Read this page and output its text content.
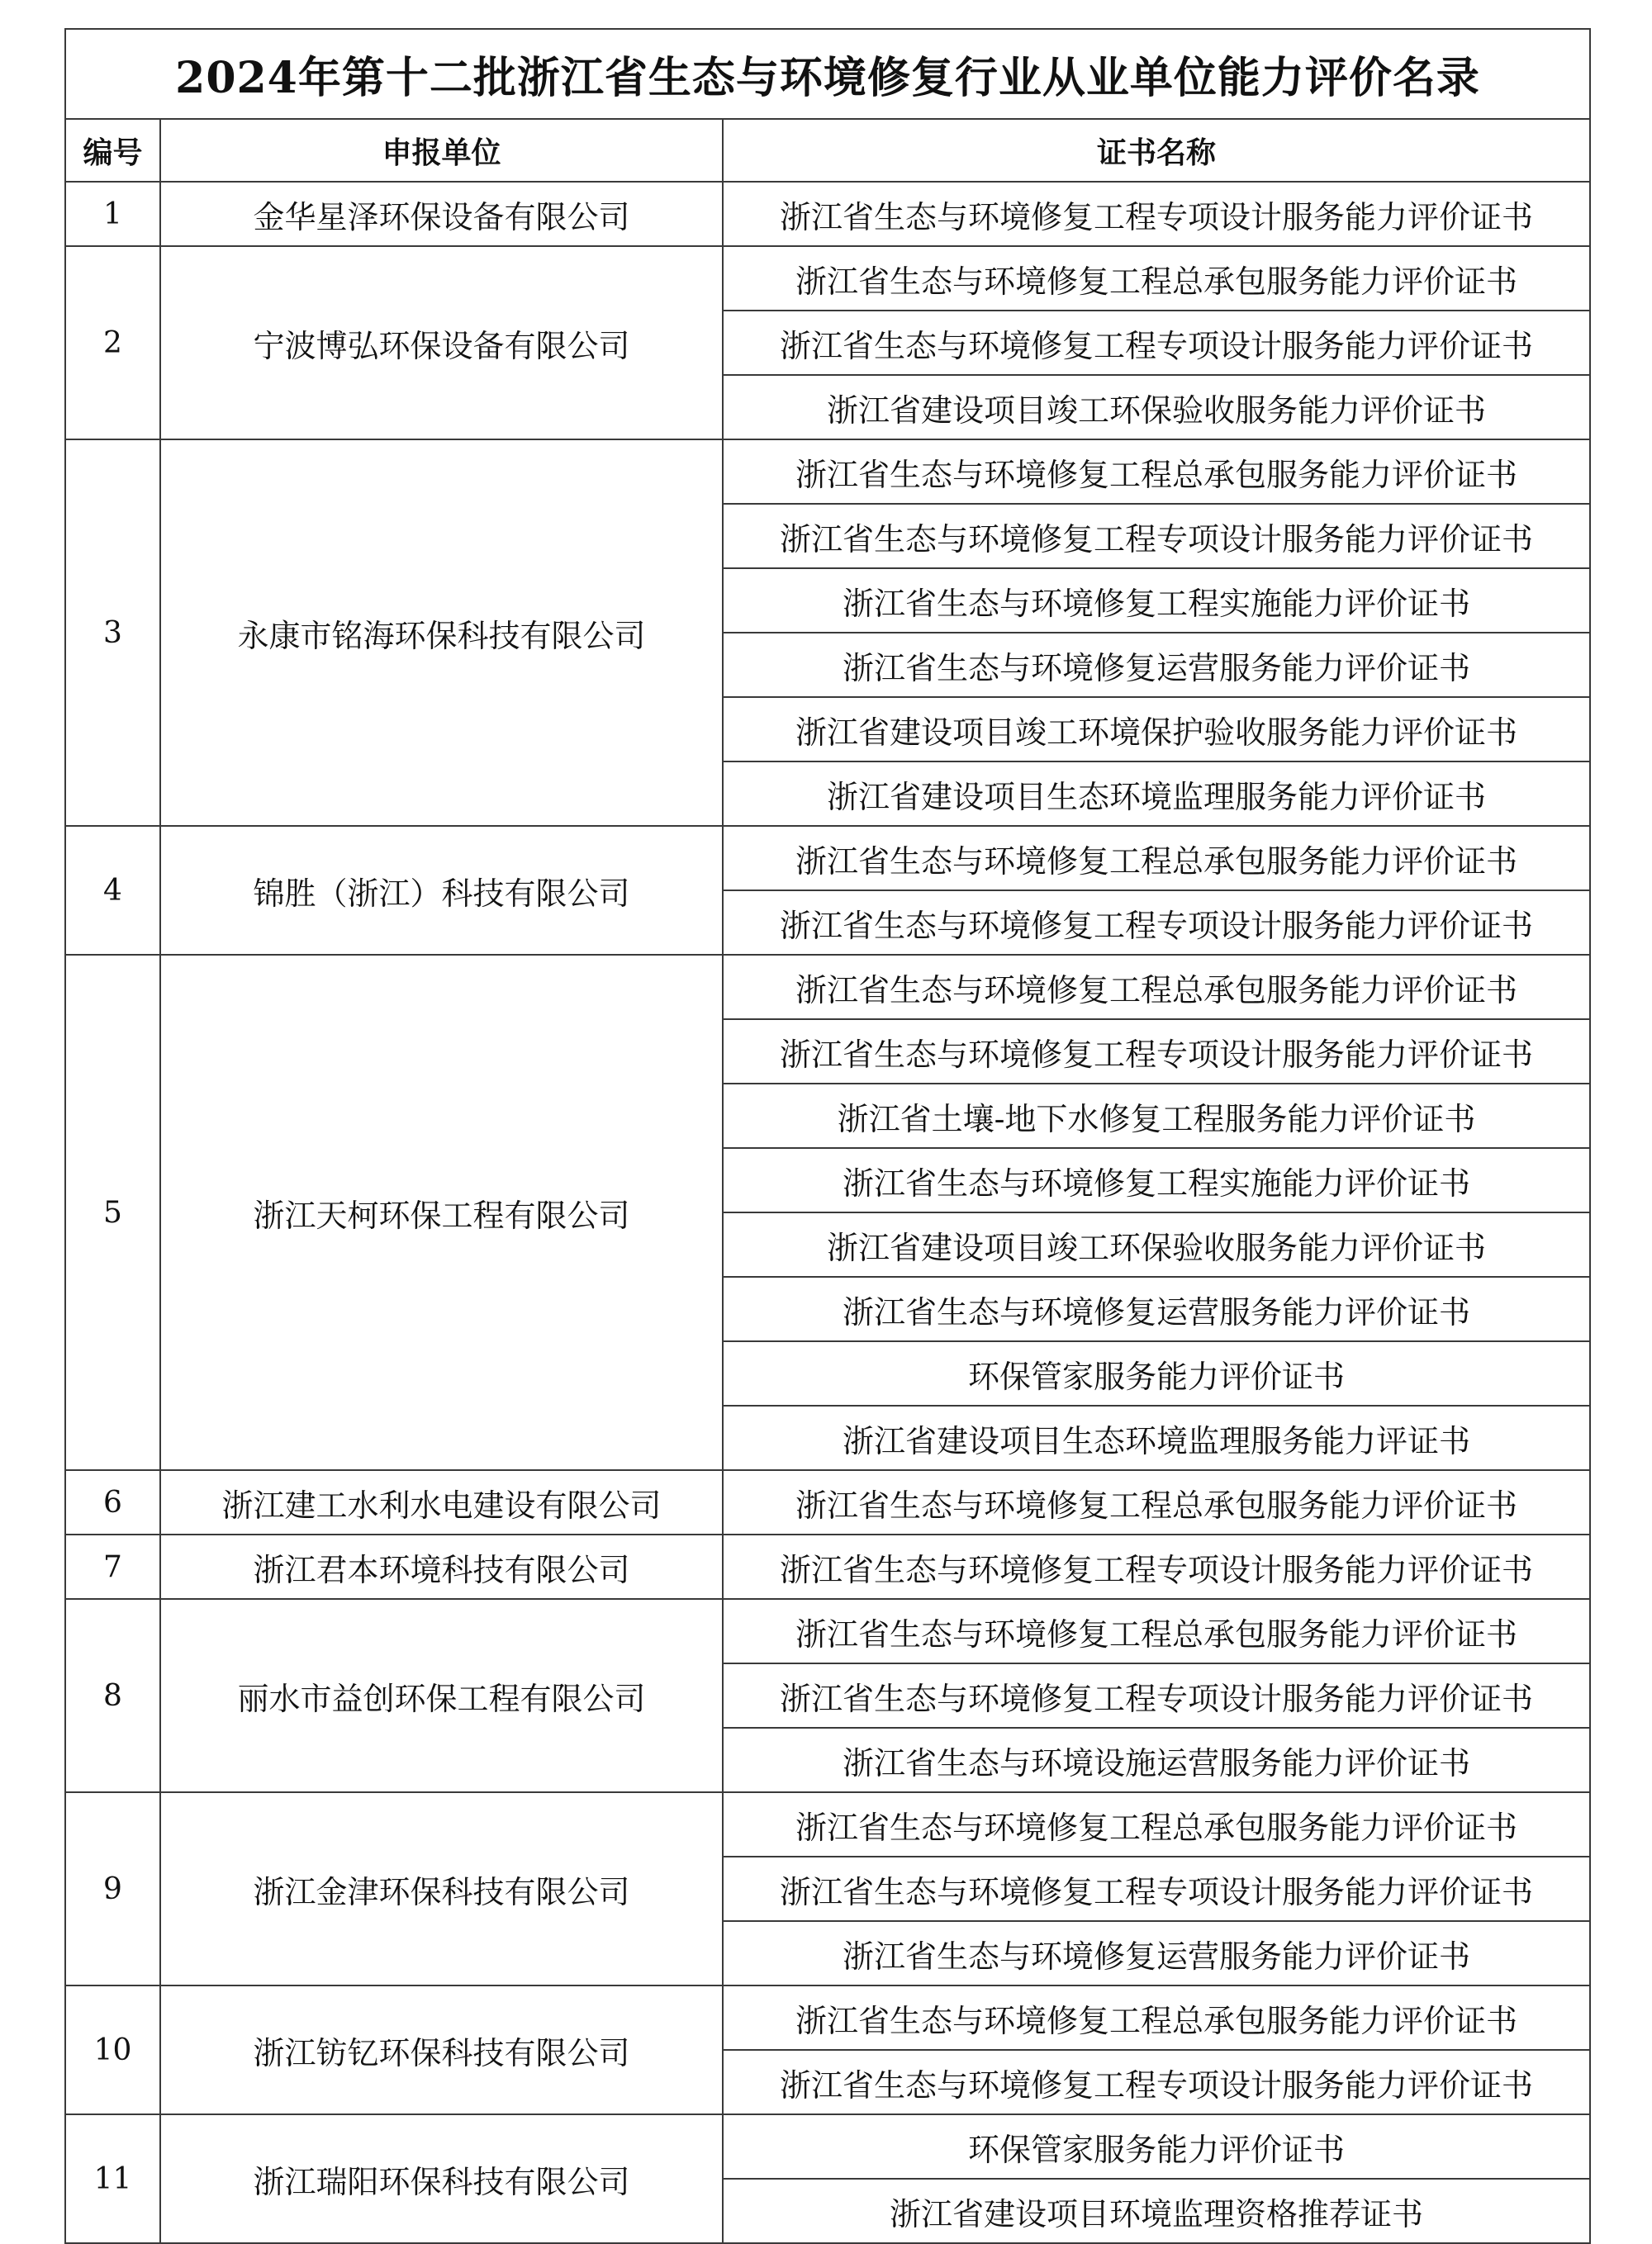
2024年第十二批浙江省生态与环境修复行业从业单位能力评价名录		
编号	申报单位	证书名称
1	金华星泽环保设备有限公司	浙江省生态与环境修复工程专项设计服务能力评价证书
2	宁波博弘环保设备有限公司	浙江省生态与环境修复工程总承包服务能力评价证书
		浙江省生态与环境修复工程专项设计服务能力评价证书
		浙江省建设项目竣工环保验收服务能力评价证书
3	永康市铭海环保科技有限公司	浙江省生态与环境修复工程总承包服务能力评价证书
		浙江省生态与环境修复工程专项设计服务能力评价证书
		浙江省生态与环境修复工程实施能力评价证书
		浙江省生态与环境修复运营服务能力评价证书
		浙江省建设项目竣工环境保护验收服务能力评价证书
		浙江省建设项目生态环境监理服务能力评价证书
4	锦胜（浙江）科技有限公司	浙江省生态与环境修复工程总承包服务能力评价证书
		浙江省生态与环境修复工程专项设计服务能力评价证书
5	浙江天柯环保工程有限公司	浙江省生态与环境修复工程总承包服务能力评价证书
		浙江省生态与环境修复工程专项设计服务能力评价证书
		浙江省土壤-地下水修复工程服务能力评价证书
		浙江省生态与环境修复工程实施能力评价证书
		浙江省建设项目竣工环保验收服务能力评价证书
		浙江省生态与环境修复运营服务能力评价证书
		环保管家服务能力评价证书
		浙江省建设项目生态环境监理服务能力评证书
6	浙江建工水利水电建设有限公司	浙江省生态与环境修复工程总承包服务能力评价证书
7	浙江君本环境科技有限公司	浙江省生态与环境修复工程专项设计服务能力评价证书
8	丽水市益创环保工程有限公司	浙江省生态与环境修复工程总承包服务能力评价证书
		浙江省生态与环境修复工程专项设计服务能力评价证书
		浙江省生态与环境设施运营服务能力评价证书
9	浙江金津环保科技有限公司	浙江省生态与环境修复工程总承包服务能力评价证书
		浙江省生态与环境修复工程专项设计服务能力评价证书
		浙江省生态与环境修复运营服务能力评价证书
10	浙江钫钇环保科技有限公司	浙江省生态与环境修复工程总承包服务能力评价证书
		浙江省生态与环境修复工程专项设计服务能力评价证书
11	浙江瑞阳环保科技有限公司	环保管家服务能力评价证书
		浙江省建设项目环境监理资格推荐证书
